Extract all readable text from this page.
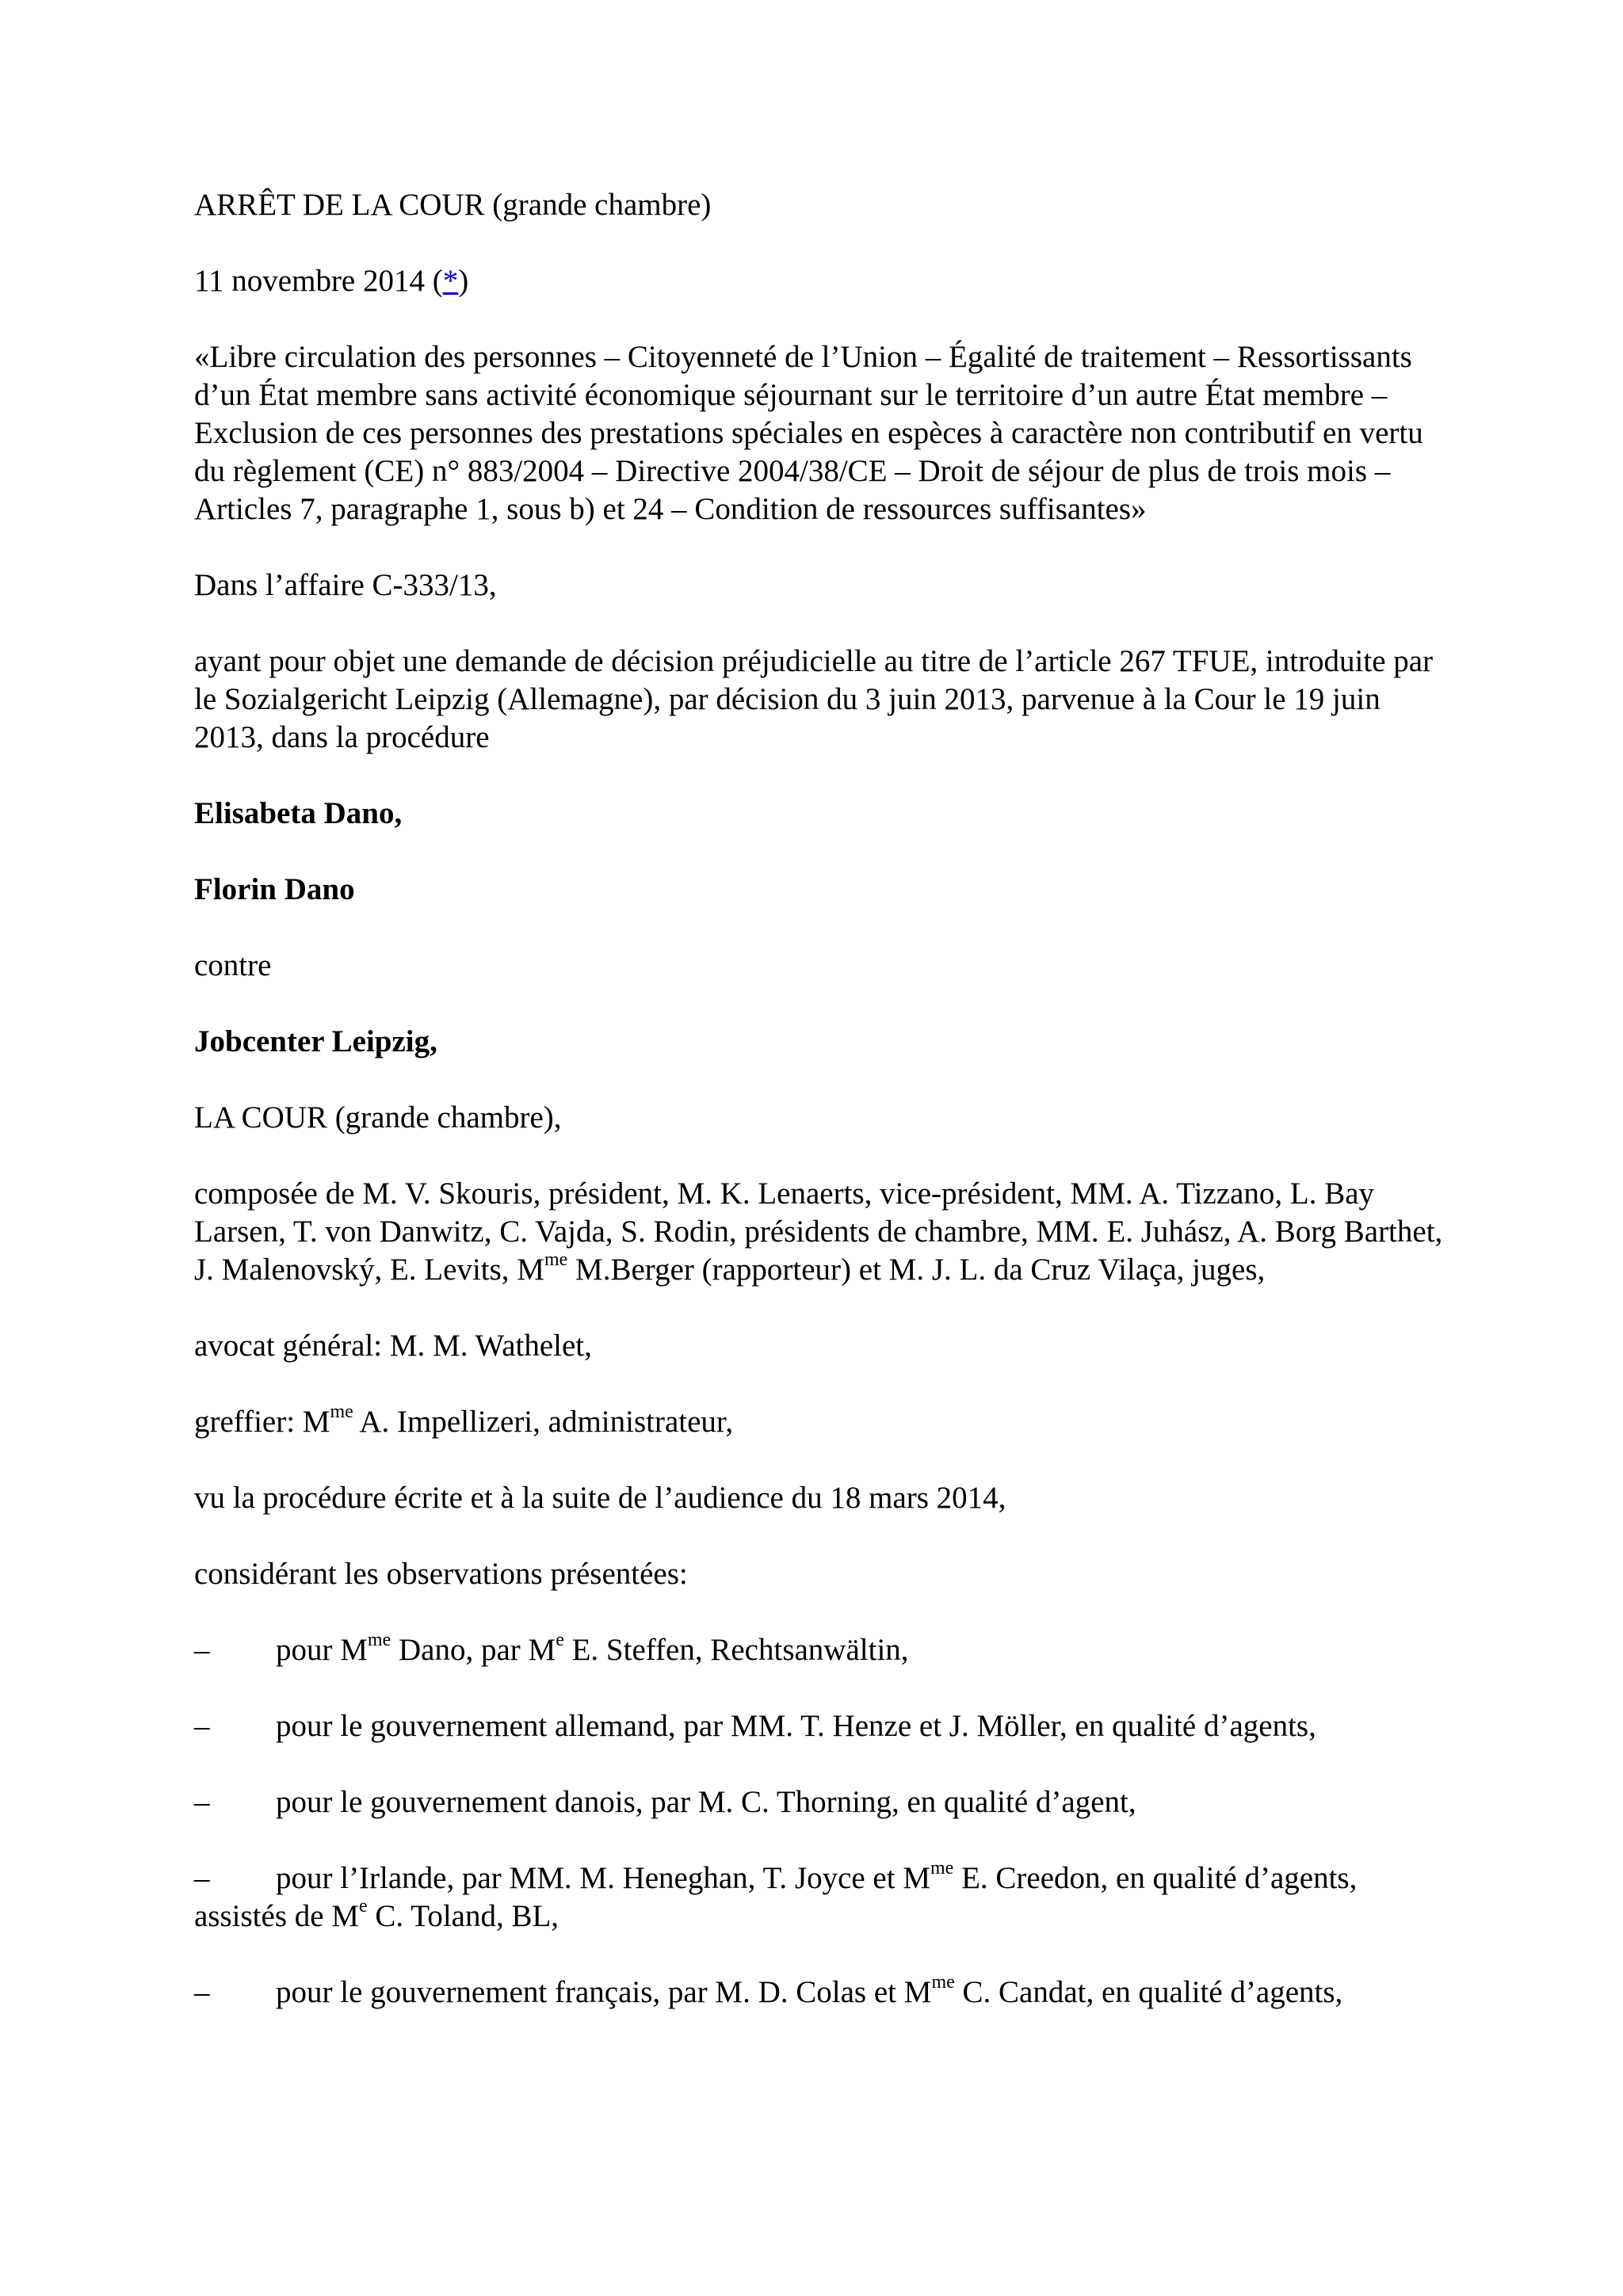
ARRÊT DE LA COUR (grande chambre)

11 novembre 2014 (*)

«Libre circulation des personnes – Citoyenneté de l’Union – Égalité de traitement – Ressortissants d’un État membre sans activité économique séjournant sur le territoire d’un autre État membre – Exclusion de ces personnes des prestations spéciales en espèces à caractère non contributif en vertu du règlement (CE) n° 883/2004 – Directive 2004/38/CE – Droit de séjour de plus de trois mois – Articles 7, paragraphe 1, sous b) et 24 – Condition de ressources suffisantes»

Dans l’affaire C-333/13,

ayant pour objet une demande de décision préjudicielle au titre de l’article 267 TFUE, introduite par le Sozialgericht Leipzig (Allemagne), par décision du 3 juin 2013, parvenue à la Cour le 19 juin 2013, dans la procédure

Elisabeta Dano,

Florin Dano

contre

Jobcenter Leipzig,

LA COUR (grande chambre),

composée de M. V. Skouris, président, M. K. Lenaerts, vice-président, MM. A. Tizzano, L. Bay Larsen, T. von Danwitz, C. Vajda, S. Rodin, présidents de chambre, MM. E. Juhász, A. Borg Barthet, J. Malenovský, E. Levits, $M^{me}$ M.Berger (rapporteur) et M. J. L. da Cruz Vilaça, juges,

avocat général: M. M. Wathelet,

greffier: $M^{me}$ A. Impellizeri, administrateur,

vu la procédure écrite et à la suite de l’audience du 18 mars 2014,

considérant les observations présentées:

–	pour $M^{me}$ Dano, par Me E. Steffen, Rechtsanwältin,
–	pour le gouvernement allemand, par MM. T. Henze et J. Möller, en qualité d’agents,
–	pour le gouvernement danois, par M. C. Thorning, en qualité d’agent,

– pour l’Irlande, par MM. M. Heneghan, T. Joyce et $M^{me}$ E. Creedon, en qualité d’agents, assistés de Me C. Toland, BL,

–	pour le gouvernement français, par M. D. Colas et $M^{me}$ C. Candat, en qualité d’agents,
